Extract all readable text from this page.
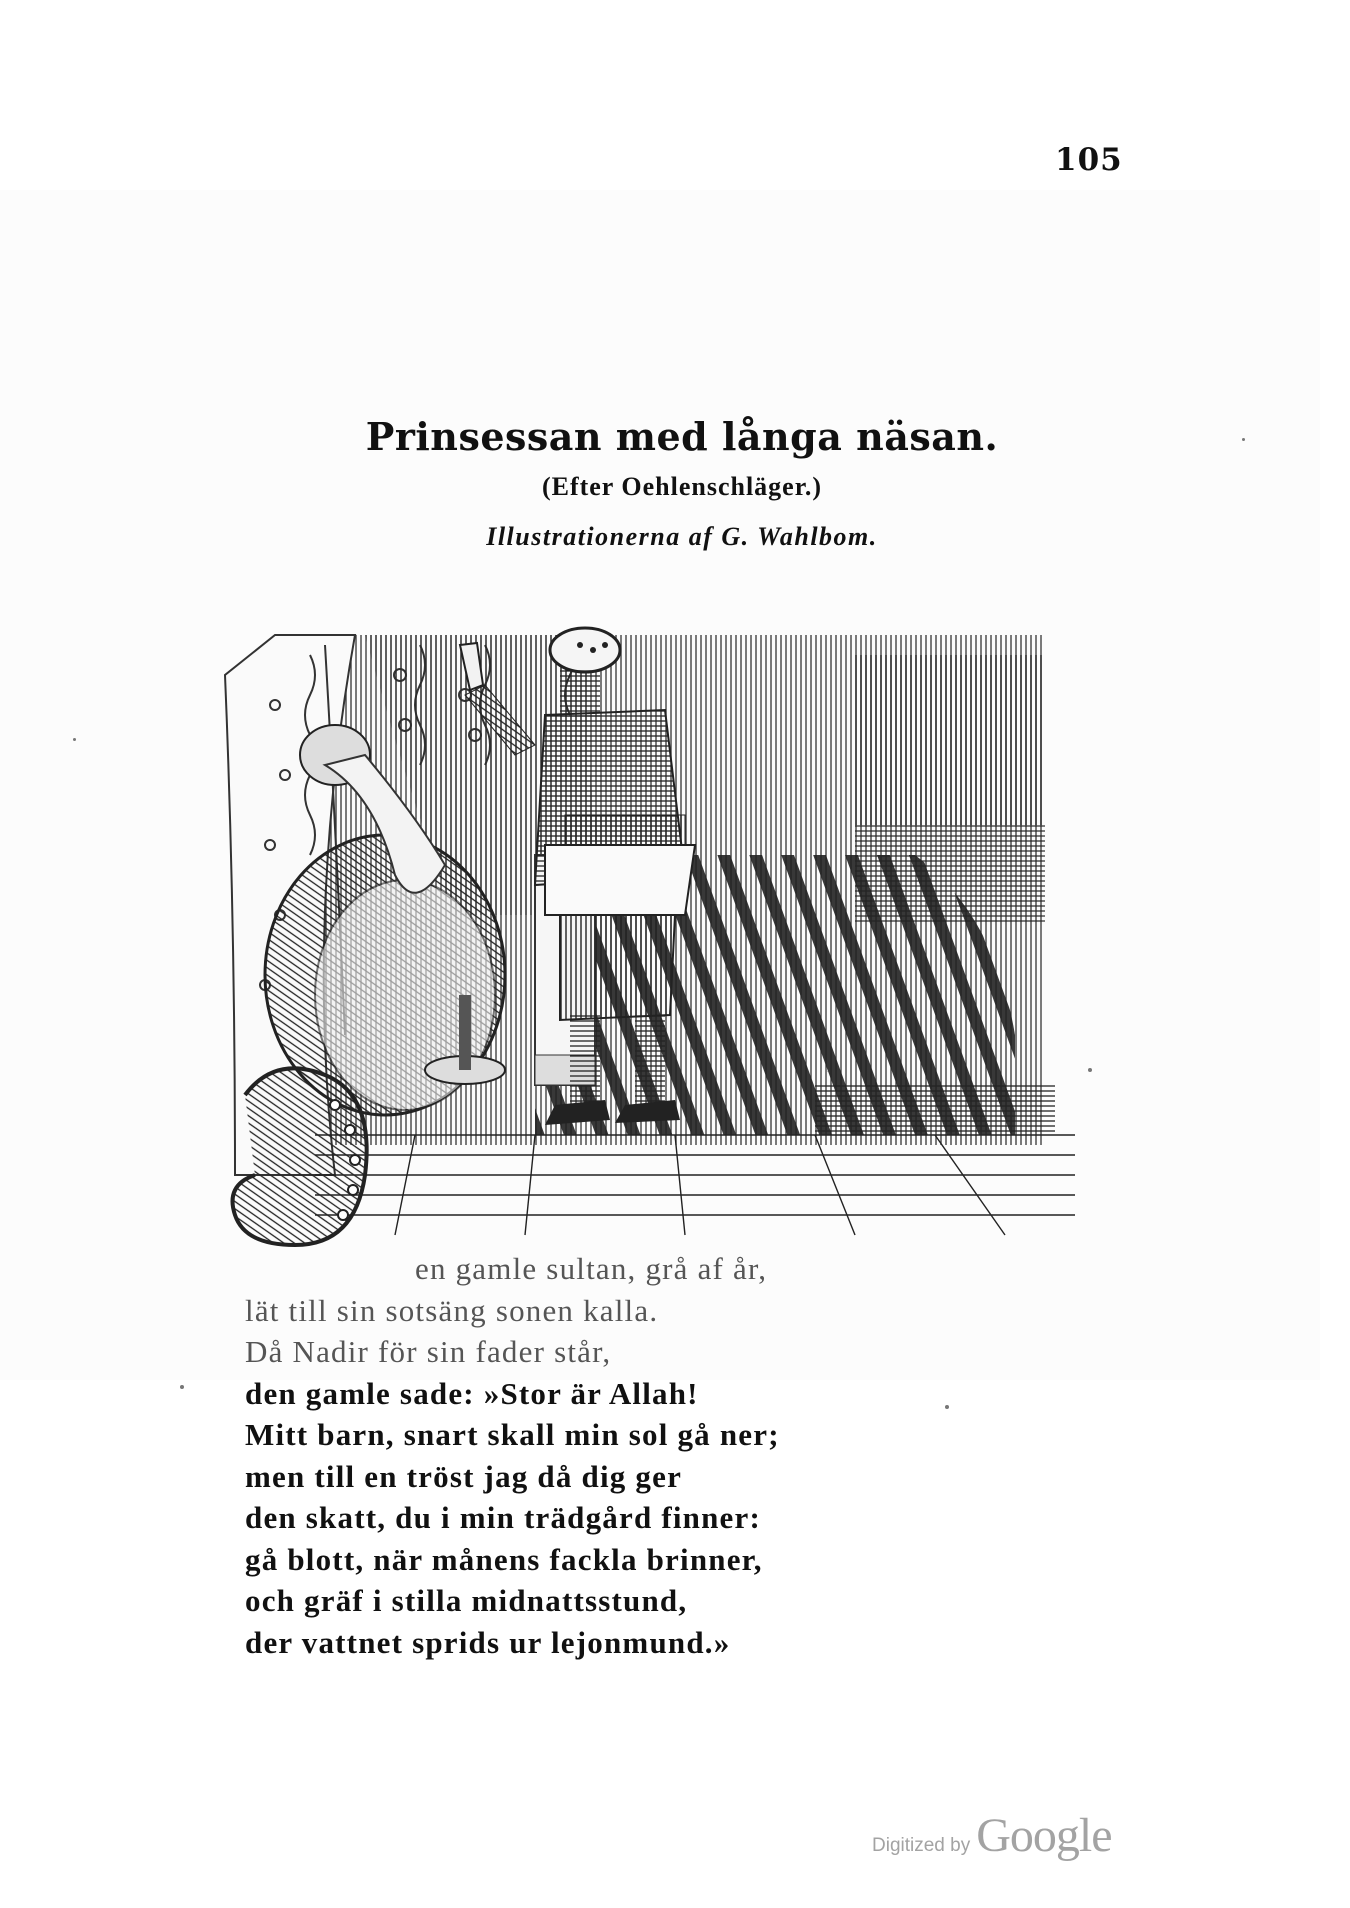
105
Prinsessan med långa näsan.
(Efter Oehlenschläger.)
Illustrationerna af G. Wahlbom.
en gamle sultan, grå af år,
lät till sin sotsäng sonen kalla.
Då Nadir för sin fader står,
den gamle sade: »Stor är Allah!
Mitt barn, snart skall min sol gå ner;
men till en tröst jag då dig ger
den skatt, du i min trädgård finner:
gå blott, när månens fackla brinner,
och gräf i stilla midnattsstund,
der vattnet sprids ur lejonmund.»
Digitized by Google
